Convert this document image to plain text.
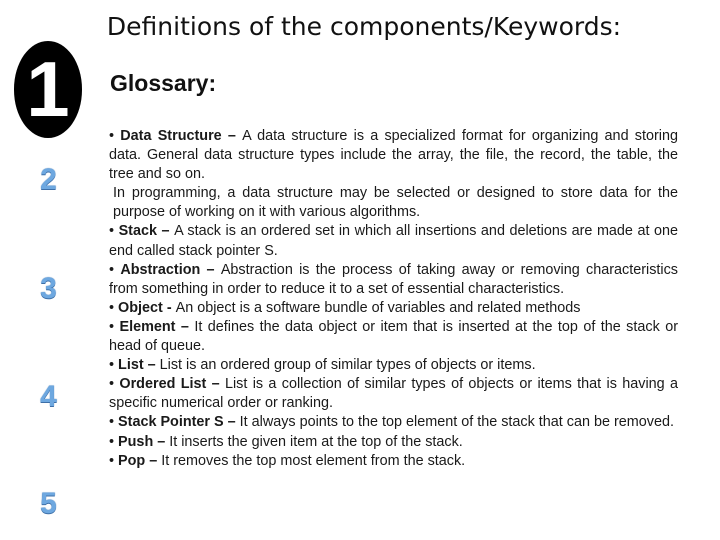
Definitions of the components/Keywords:
1
2
3
4
5
Glossary:

• Data Structure – A data structure is a specialized format for organizing and storing data. General data structure types include the array, the file, the record, the table, the tree and so on.

In programming, a data structure may be selected or designed to store data for the purpose of working on it with various algorithms.

• Stack – A stack is an ordered set in which all insertions and deletions are made at one end called stack pointer S.

• Abstraction – Abstraction is the process of taking away or removing characteristics from something in order to reduce it to a set of essential characteristics.

• Object - An object is a software bundle of variables and related methods

• Element – It defines the data object or item that is inserted at the top of the stack or head of queue.

• List – List is an ordered group of similar types of objects or items.

• Ordered List – List is a collection of similar types of objects or items that is having a specific numerical order or ranking.

• Stack Pointer S – It always points to the top element of the stack that can be removed.

• Push – It inserts the given item at the top of the stack.

• Pop – It removes the top most element from the stack.
